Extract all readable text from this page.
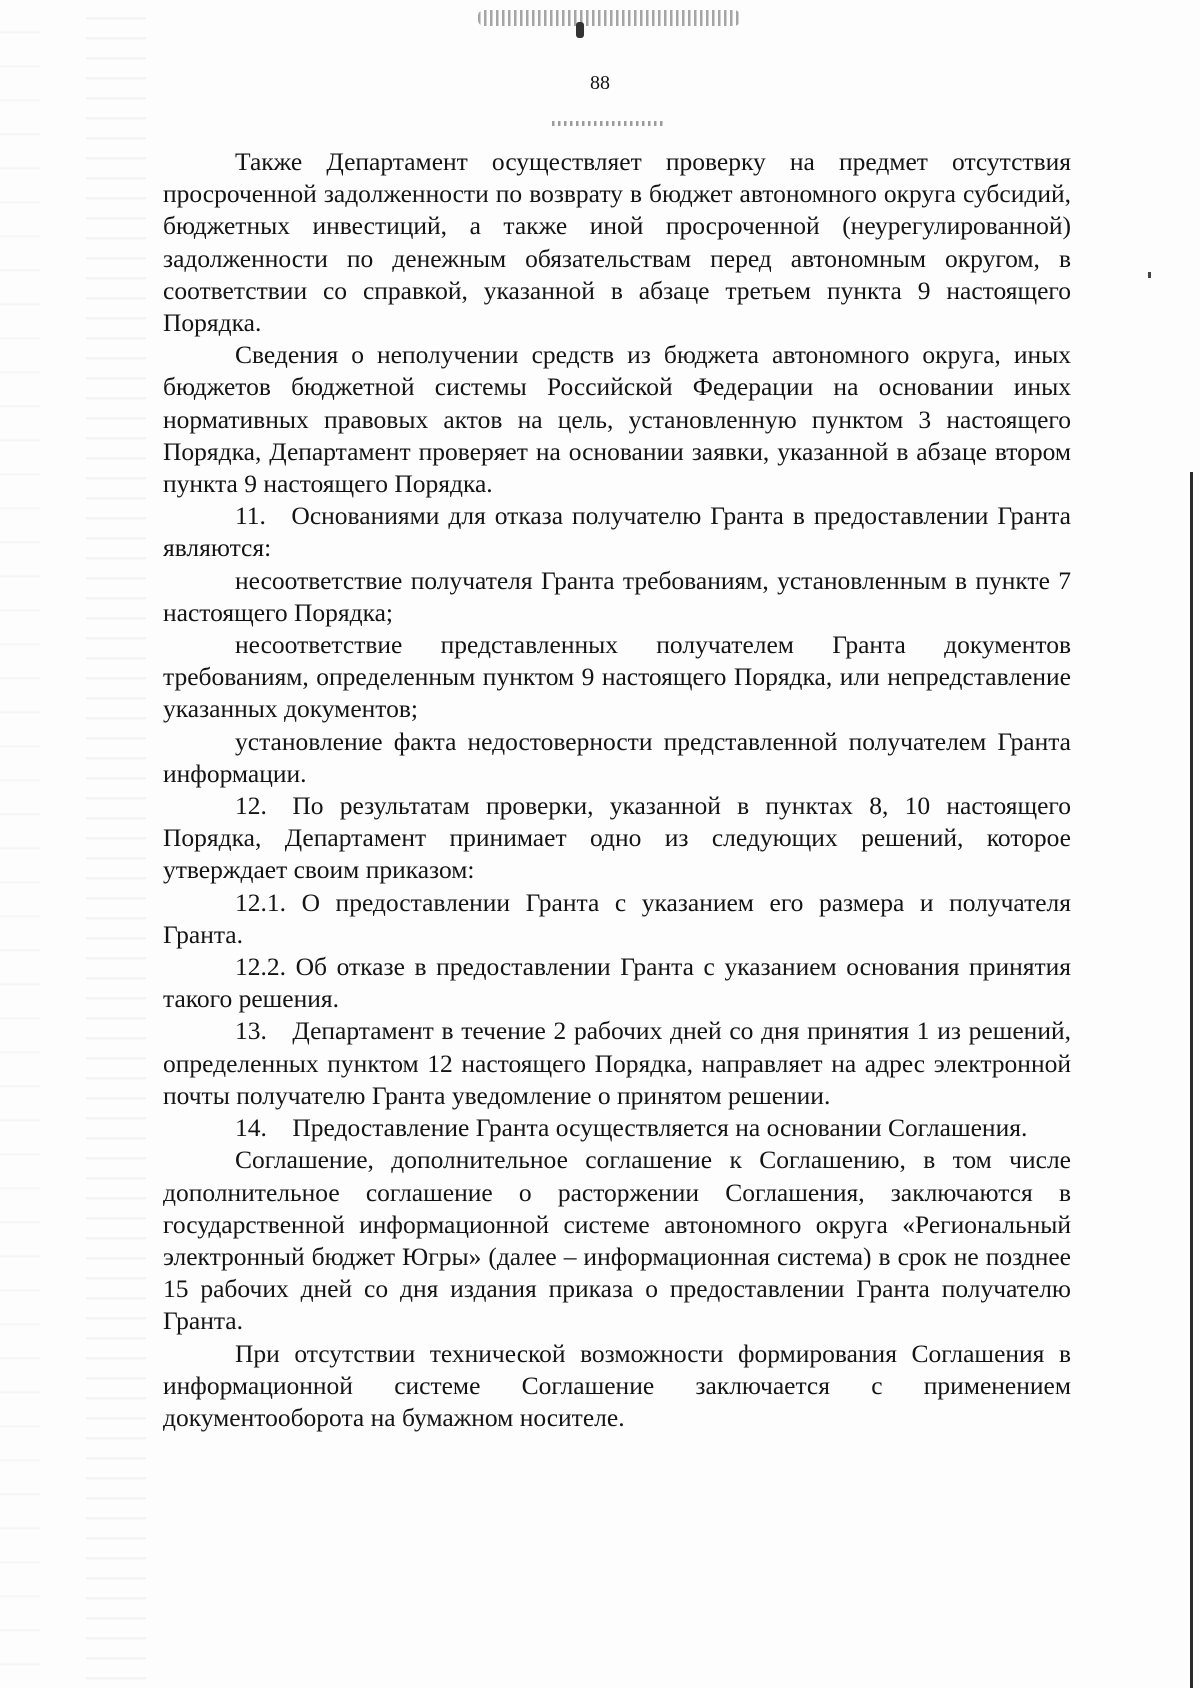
88

Также Департамент осуществляет проверку на предмет отсутствия просроченной задолженности по возврату в бюджет автономного округа субсидий, бюджетных инвестиций, а также иной просроченной (неурегулированной) задолженности по денежным обязательствам перед автономным округом, в соответствии со справкой, указанной в абзаце третьем пункта 9 настоящего Порядка.

Сведения о неполучении средств из бюджета автономного округа, иных бюджетов бюджетной системы Российской Федерации на основании иных нормативных правовых актов на цель, установленную пунктом 3 настоящего Порядка, Департамент проверяет на основании заявки, указанной в абзаце втором пункта 9 настоящего Порядка.

11. Основаниями для отказа получателю Гранта в предоставлении Гранта являются:

несоответствие получателя Гранта требованиям, установленным в пункте 7 настоящего Порядка;

несоответствие представленных получателем Гранта документов требованиям, определенным пунктом 9 настоящего Порядка, или непредставление указанных документов;

установление факта недостоверности представленной получателем Гранта информации.

12. По результатам проверки, указанной в пунктах 8, 10 настоящего Порядка, Департамент принимает одно из следующих решений, которое утверждает своим приказом:

12.1. О предоставлении Гранта с указанием его размера и получателя Гранта.

12.2. Об отказе в предоставлении Гранта с указанием основания принятия такого решения.

13. Департамент в течение 2 рабочих дней со дня принятия 1 из решений, определенных пунктом 12 настоящего Порядка, направляет на адрес электронной почты получателю Гранта уведомление о принятом решении.

14. Предоставление Гранта осуществляется на основании Соглашения.

Соглашение, дополнительное соглашение к Соглашению, в том числе дополнительное соглашение о расторжении Соглашения, заключаются в государственной информационной системе автономного округа «Региональный электронный бюджет Югры» (далее – информационная система) в срок не позднее 15 рабочих дней со дня издания приказа о предоставлении Гранта получателю Гранта.

При отсутствии технической возможности формирования Соглашения в информационной системе Соглашение заключается с применением документооборота на бумажном носителе.
